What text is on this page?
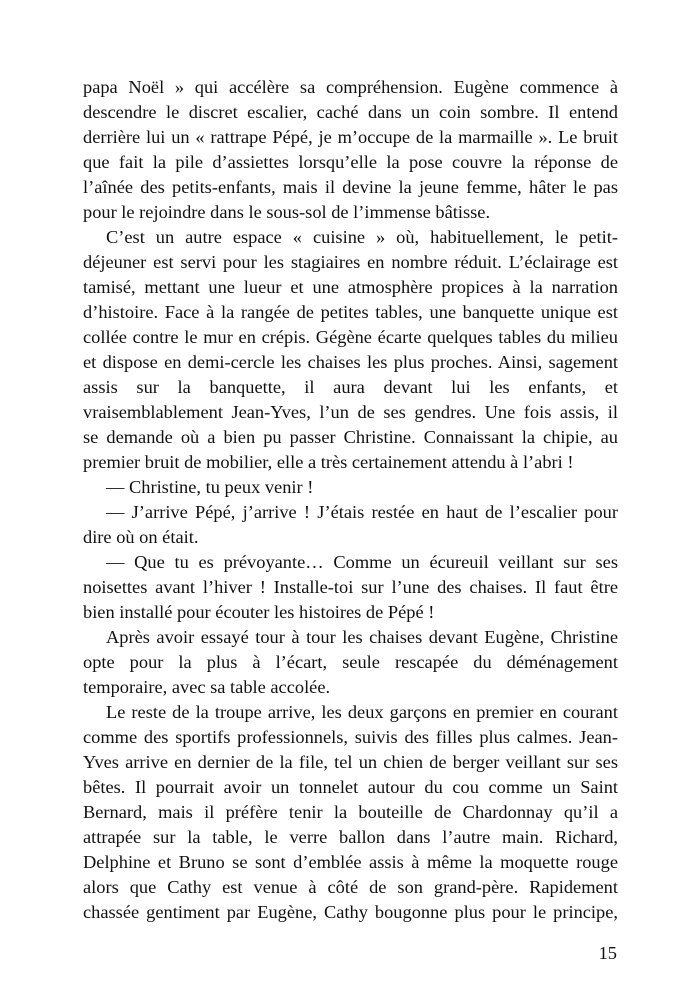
papa Noël » qui accélère sa compréhension. Eugène commence à
descendre le discret escalier, caché dans un coin sombre. Il entend
derrière lui un « rattrape Pépé, je m’occupe de la marmaille ». Le bruit
que fait la pile d’assiettes lorsqu’elle la pose couvre la réponse de
l’aînée des petits-enfants, mais il devine la jeune femme, hâter le pas
pour le rejoindre dans le sous-sol de l’immense bâtisse.
C’est un autre espace « cuisine » où, habituellement, le petit-
déjeuner est servi pour les stagiaires en nombre réduit. L’éclairage est
tamisé, mettant une lueur et une atmosphère propices à la narration
d’histoire. Face à la rangée de petites tables, une banquette unique est
collée contre le mur en crépis. Gégène écarte quelques tables du milieu
et dispose en demi-cercle les chaises les plus proches. Ainsi, sagement
assis sur la banquette, il aura devant lui les enfants, et
vraisemblablement Jean-Yves, l’un de ses gendres. Une fois assis, il
se demande où a bien pu passer Christine. Connaissant la chipie, au
premier bruit de mobilier, elle a très certainement attendu à l’abri !
— Christine, tu peux venir !
— J’arrive Pépé, j’arrive ! J’étais restée en haut de l’escalier pour
dire où on était.
— Que tu es prévoyante… Comme un écureuil veillant sur ses
noisettes avant l’hiver ! Installe-toi sur l’une des chaises. Il faut être
bien installé pour écouter les histoires de Pépé !
Après avoir essayé tour à tour les chaises devant Eugène, Christine
opte pour la plus à l’écart, seule rescapée du déménagement
temporaire, avec sa table accolée.
Le reste de la troupe arrive, les deux garçons en premier en courant
comme des sportifs professionnels, suivis des filles plus calmes. Jean-
Yves arrive en dernier de la file, tel un chien de berger veillant sur ses
bêtes. Il pourrait avoir un tonnelet autour du cou comme un Saint
Bernard, mais il préfère tenir la bouteille de Chardonnay qu’il a
attrapée sur la table, le verre ballon dans l’autre main. Richard,
Delphine et Bruno se sont d’emblée assis à même la moquette rouge
alors que Cathy est venue à côté de son grand-père. Rapidement
chassée gentiment par Eugène, Cathy bougonne plus pour le principe,
15
